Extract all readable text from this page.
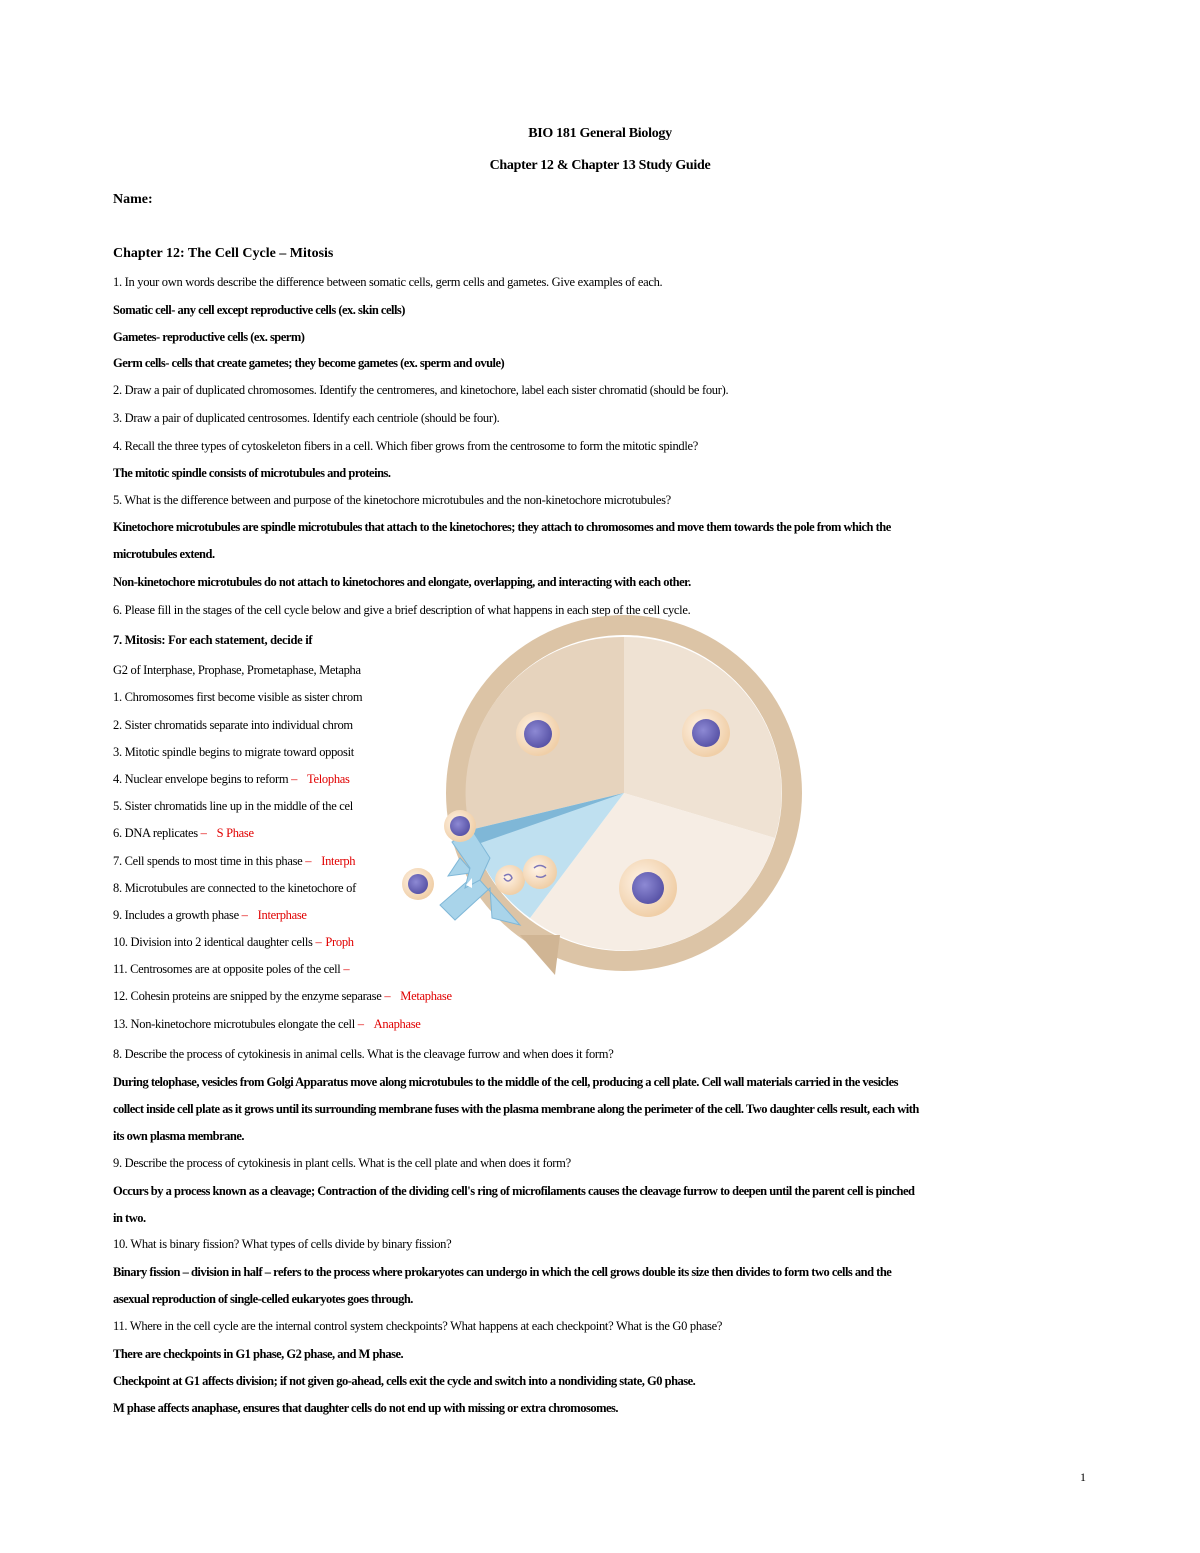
BIO 181 General Biology
Chapter 12 & Chapter 13 Study Guide
Name:
Chapter 12: The Cell Cycle – Mitosis
1. In your own words describe the difference between somatic cells, germ cells and gametes. Give examples of each.
Somatic cell- any cell except reproductive cells (ex. skin cells)
Gametes- reproductive cells (ex. sperm)
Germ cells- cells that create gametes; they become gametes (ex. sperm and ovule)
2. Draw a pair of duplicated chromosomes. Identify the centromeres, and kinetochore, label each sister chromatid (should be four).
3. Draw a pair of duplicated centrosomes. Identify each centriole (should be four).
4. Recall the three types of cytoskeleton fibers in a cell. Which fiber grows from the centrosome to form the mitotic spindle?
The mitotic spindle consists of microtubules and proteins.
5. What is the difference between and purpose of the kinetochore microtubules and the non-kinetochore microtubules?
Kinetochore microtubules are spindle microtubules that attach to the kinetochores; they attach to chromosomes and move them towards the pole from which the
microtubules extend.
Non-kinetochore microtubules do not attach to kinetochores and elongate, overlapping, and interacting with each other.
6. Please fill in the stages of the cell cycle below and give a brief description of what happens in each step of the cell cycle.
7. Mitosis: For each statement, decide if
G2 of Interphase, Prophase, Prometaphase, Metapha
1. Chromosomes first become visible as sister chrom
2. Sister chromatids separate into individual chrom
3. Mitotic spindle begins to migrate toward opposit
4. Nuclear envelope begins to reform – Telophas
5. Sister chromatids line up in the middle of the cel
6. DNA replicates – S Phase
7. Cell spends to most time in this phase – Interph
8. Microtubules are connected to the kinetochore of
9. Includes a growth phase – Interphase
10. Division into 2 identical daughter cells – Proph
11. Centrosomes are at opposite poles of the cell –
12. Cohesin proteins are snipped by the enzyme separase – Metaphase
13. Non-kinetochore microtubules elongate the cell – Anaphase
8. Describe the process of cytokinesis in animal cells. What is the cleavage furrow and when does it form?
During telophase, vesicles from Golgi Apparatus move along microtubules to the middle of the cell, producing a cell plate. Cell wall materials carried in the vesicles
collect inside cell plate as it grows until its surrounding membrane fuses with the plasma membrane along the perimeter of the cell. Two daughter cells result, each with
its own plasma membrane.
9. Describe the process of cytokinesis in plant cells. What is the cell plate and when does it form?
Occurs by a process known as a cleavage; Contraction of the dividing cell's ring of microfilaments causes the cleavage furrow to deepen until the parent cell is pinched
in two.
10. What is binary fission? What types of cells divide by binary fission?
Binary fission – division in half – refers to the process where prokaryotes can undergo in which the cell grows double its size then divides to form two cells and the
asexual reproduction of single-celled eukaryotes goes through.
11. Where in the cell cycle are the internal control system checkpoints? What happens at each checkpoint? What is the G0 phase?
There are checkpoints in G1 phase, G2 phase, and M phase.
Checkpoint at G1 affects division; if not given go-ahead, cells exit the cycle and switch into a nondividing state, G0 phase.
M phase affects anaphase, ensures that daughter cells do not end up with missing or extra chromosomes.
1
